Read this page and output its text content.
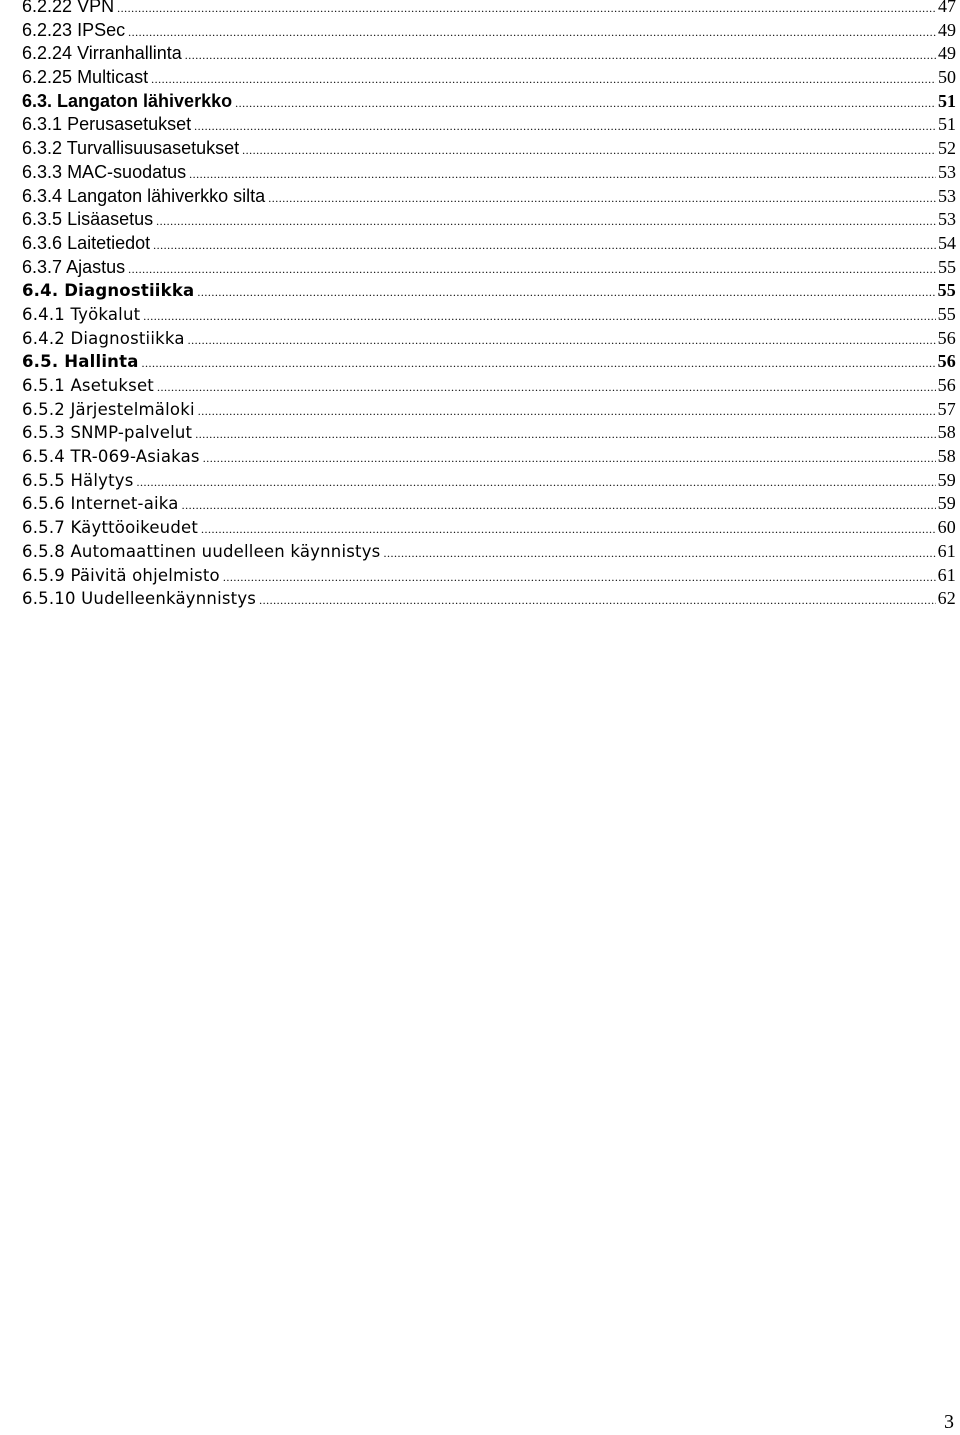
6.2.22 VPN .....	47
6.2.23 IPSec .....	49
6.2.24 Virranhallinta .....	49
6.2.25 Multicast .....	50
6.3. Langaton lähiverkko .....	51
6.3.1 Perusasetukset .....	51
6.3.2 Turvallisuusasetukset .....	52
6.3.3 MAC-suodatus .....	53
6.3.4 Langaton lähiverkko silta .....	53
6.3.5 Lisäasetus .....	53
6.3.6 Laitetiedot .....	54
6.3.7 Ajastus .....	55
6.4. Diagnostiikka .....	55
6.4.1 Työkalut .....	55
6.4.2 Diagnostiikka .....	56
6.5. Hallinta .....	56
6.5.1 Asetukset .....	56
6.5.2 Järjestelmäloki .....	57
6.5.3 SNMP-palvelut .....	58
6.5.4 TR-069-Asiakas .....	58
6.5.5 Hälytys .....	59
6.5.6 Internet-aika .....	59
6.5.7 Käyttöoikeudet .....	60
6.5.8 Automaattinen uudelleen käynnistys .....	61
6.5.9 Päivitä ohjelmisto .....	61
6.5.10 Uudelleenkäynnistys .....	62
3
